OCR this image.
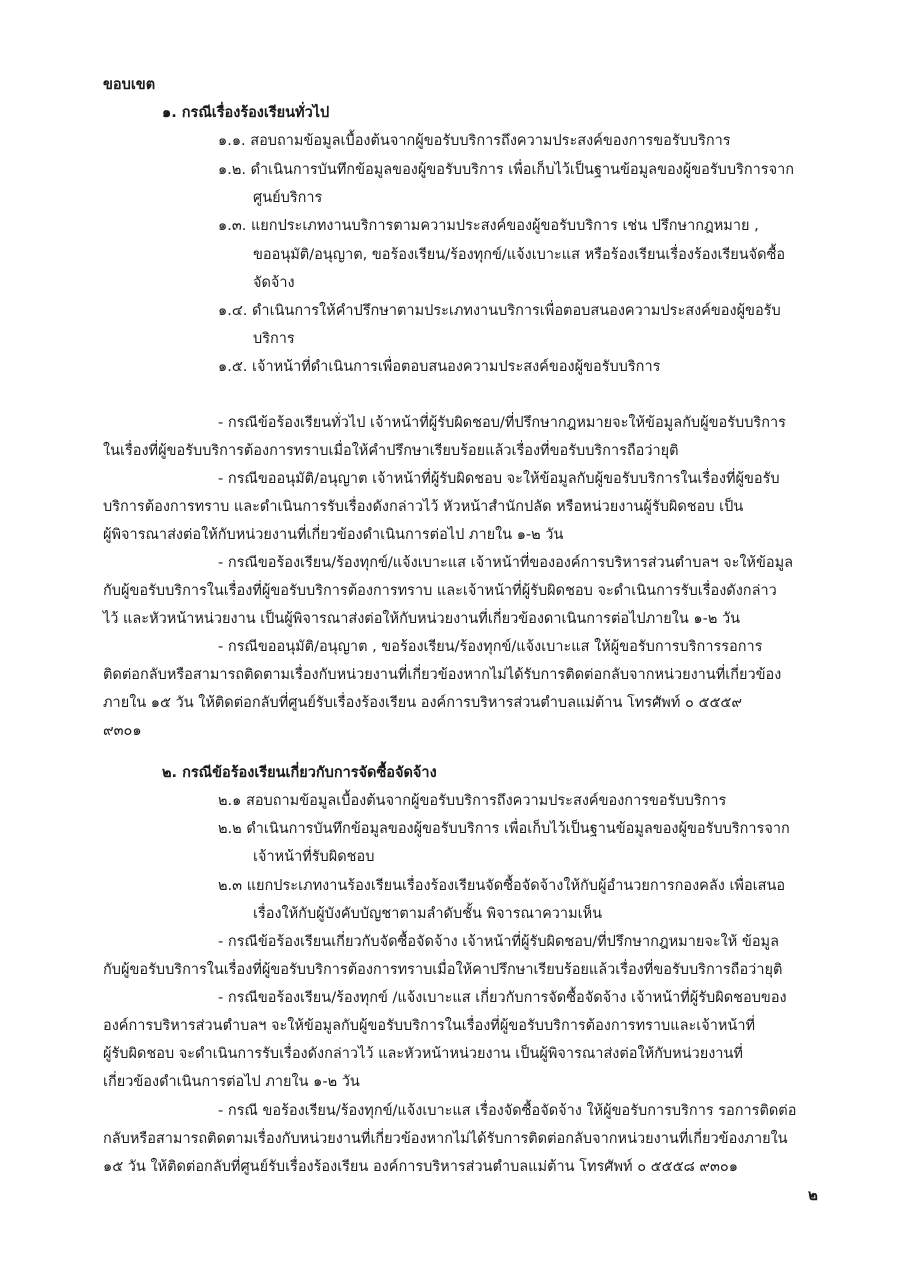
ขอบเขต
๑. กรณีเรื่องร้องเรียนทั่วไป
๑.๑. สอบถามข้อมูลเบื้องต้นจากผู้ขอรับบริการถึงความประสงค์ของการขอรับบริการ
๑.๒. ดำเนินการบันทึกข้อมูลของผู้ขอรับบริการ เพื่อเก็บไว้เป็นฐานข้อมูลของผู้ขอรับบริการจาก
ศูนย์บริการ
๑.๓. แยกประเภทงานบริการตามความประสงค์ของผู้ขอรับบริการ เช่น ปรึกษากฎหมาย ,
ขออนุมัติ/อนุญาต, ขอร้องเรียน/ร้องทุกข์/แจ้งเบาะแส หรือร้องเรียนเรื่องร้องเรียนจัดซื้อ
จัดจ้าง
๑.๔. ดำเนินการให้คำปรึกษาตามประเภทงานบริการเพื่อตอบสนองความประสงค์ของผู้ขอรับ
บริการ
๑.๕. เจ้าหน้าที่ดำเนินการเพื่อตอบสนองความประสงค์ของผู้ขอรับบริการ
- กรณีข้อร้องเรียนทั่วไป เจ้าหน้าที่ผู้รับผิดชอบ/ที่ปรึกษากฎหมายจะให้ข้อมูลกับผู้ขอรับบริการ
ในเรื่องที่ผู้ขอรับบริการต้องการทราบเมื่อให้คำปรึกษาเรียบร้อยแล้วเรื่องที่ขอรับบริการถือว่ายุติ
- กรณีขออนุมัติ/อนุญาต เจ้าหน้าที่ผู้รับผิดชอบ จะให้ข้อมูลกับผู้ขอรับบริการในเรื่องที่ผู้ขอรับ
บริการต้องการทราบ และดำเนินการรับเรื่องดังกล่าวไว้ หัวหน้าสำนักปลัด หรือหน่วยงานผู้รับผิดชอบ เป็น
ผู้พิจารณาส่งต่อให้กับหน่วยงานที่เกี่ยวข้องดำเนินการต่อไป ภายใน ๑-๒ วัน
- กรณีขอร้องเรียน/ร้องทุกข์/แจ้งเบาะแส เจ้าหน้าที่ขององค์การบริหารส่วนตำบลฯ จะให้ข้อมูล
กับผู้ขอรับบริการในเรื่องที่ผู้ขอรับบริการต้องการทราบ และเจ้าหน้าที่ผู้รับผิดชอบ จะดำเนินการรับเรื่องดังกล่าว
ไว้ และหัวหน้าหน่วยงาน เป็นผู้พิจารณาส่งต่อให้กับหน่วยงานที่เกี่ยวข้องดาเนินการต่อไปภายใน ๑-๒ วัน
- กรณีขออนุมัติ/อนุญาต , ขอร้องเรียน/ร้องทุกข์/แจ้งเบาะแส ให้ผู้ขอรับการบริการรอการ
ติดต่อกลับหรือสามารถติดตามเรื่องกับหน่วยงานที่เกี่ยวข้องหากไม่ได้รับการติดต่อกลับจากหน่วยงานที่เกี่ยวข้อง
ภายใน ๑๕ วัน ให้ติดต่อกลับที่ศูนย์รับเรื่องร้องเรียน องค์การบริหารส่วนตำบลแม่ต้าน โทรศัพท์ ๐ ๕๕๕๙
๙๓๐๑
๒. กรณีข้อร้องเรียนเกี่ยวกับการจัดซื้อจัดจ้าง
๒.๑ สอบถามข้อมูลเบื้องต้นจากผู้ขอรับบริการถึงความประสงค์ของการขอรับบริการ
๒.๒ ดำเนินการบันทึกข้อมูลของผู้ขอรับบริการ เพื่อเก็บไว้เป็นฐานข้อมูลของผู้ขอรับบริการจาก
เจ้าหน้าที่รับผิดชอบ
๒.๓ แยกประเภทงานร้องเรียนเรื่องร้องเรียนจัดซื้อจัดจ้างให้กับผู้อำนวยการกองคลัง เพื่อเสนอ
เรื่องให้กับผู้บังคับบัญชาตามลำดับชั้น พิจารณาความเห็น
- กรณีข้อร้องเรียนเกี่ยวกับจัดซื้อจัดจ้าง เจ้าหน้าที่ผู้รับผิดชอบ/ที่ปรึกษากฎหมายจะให้ ข้อมูล
กับผู้ขอรับบริการในเรื่องที่ผู้ขอรับบริการต้องการทราบเมื่อให้คาปรึกษาเรียบร้อยแล้วเรื่องที่ขอรับบริการถือว่ายุติ
- กรณีขอร้องเรียน/ร้องทุกข์ /แจ้งเบาะแส เกี่ยวกับการจัดซื้อจัดจ้าง เจ้าหน้าที่ผู้รับผิดชอบของ
องค์การบริหารส่วนตำบลฯ จะให้ข้อมูลกับผู้ขอรับบริการในเรื่องที่ผู้ขอรับบริการต้องการทราบและเจ้าหน้าที่
ผู้รับผิดชอบ จะดำเนินการรับเรื่องดังกล่าวไว้ และหัวหน้าหน่วยงาน เป็นผู้พิจารณาส่งต่อให้กับหน่วยงานที่
เกี่ยวข้องดำเนินการต่อไป ภายใน ๑-๒ วัน
- กรณี ขอร้องเรียน/ร้องทุกข์/แจ้งเบาะแส เรื่องจัดซื้อจัดจ้าง ให้ผู้ขอรับการบริการ รอการติดต่อ
กลับหรือสามารถติดตามเรื่องกับหน่วยงานที่เกี่ยวข้องหากไม่ได้รับการติดต่อกลับจากหน่วยงานที่เกี่ยวข้องภายใน
๑๕ วัน ให้ติดต่อกลับที่ศูนย์รับเรื่องร้องเรียน องค์การบริหารส่วนตำบลแม่ต้าน โทรศัพท์ ๐ ๕๕๕๘ ๙๓๐๑
๒
